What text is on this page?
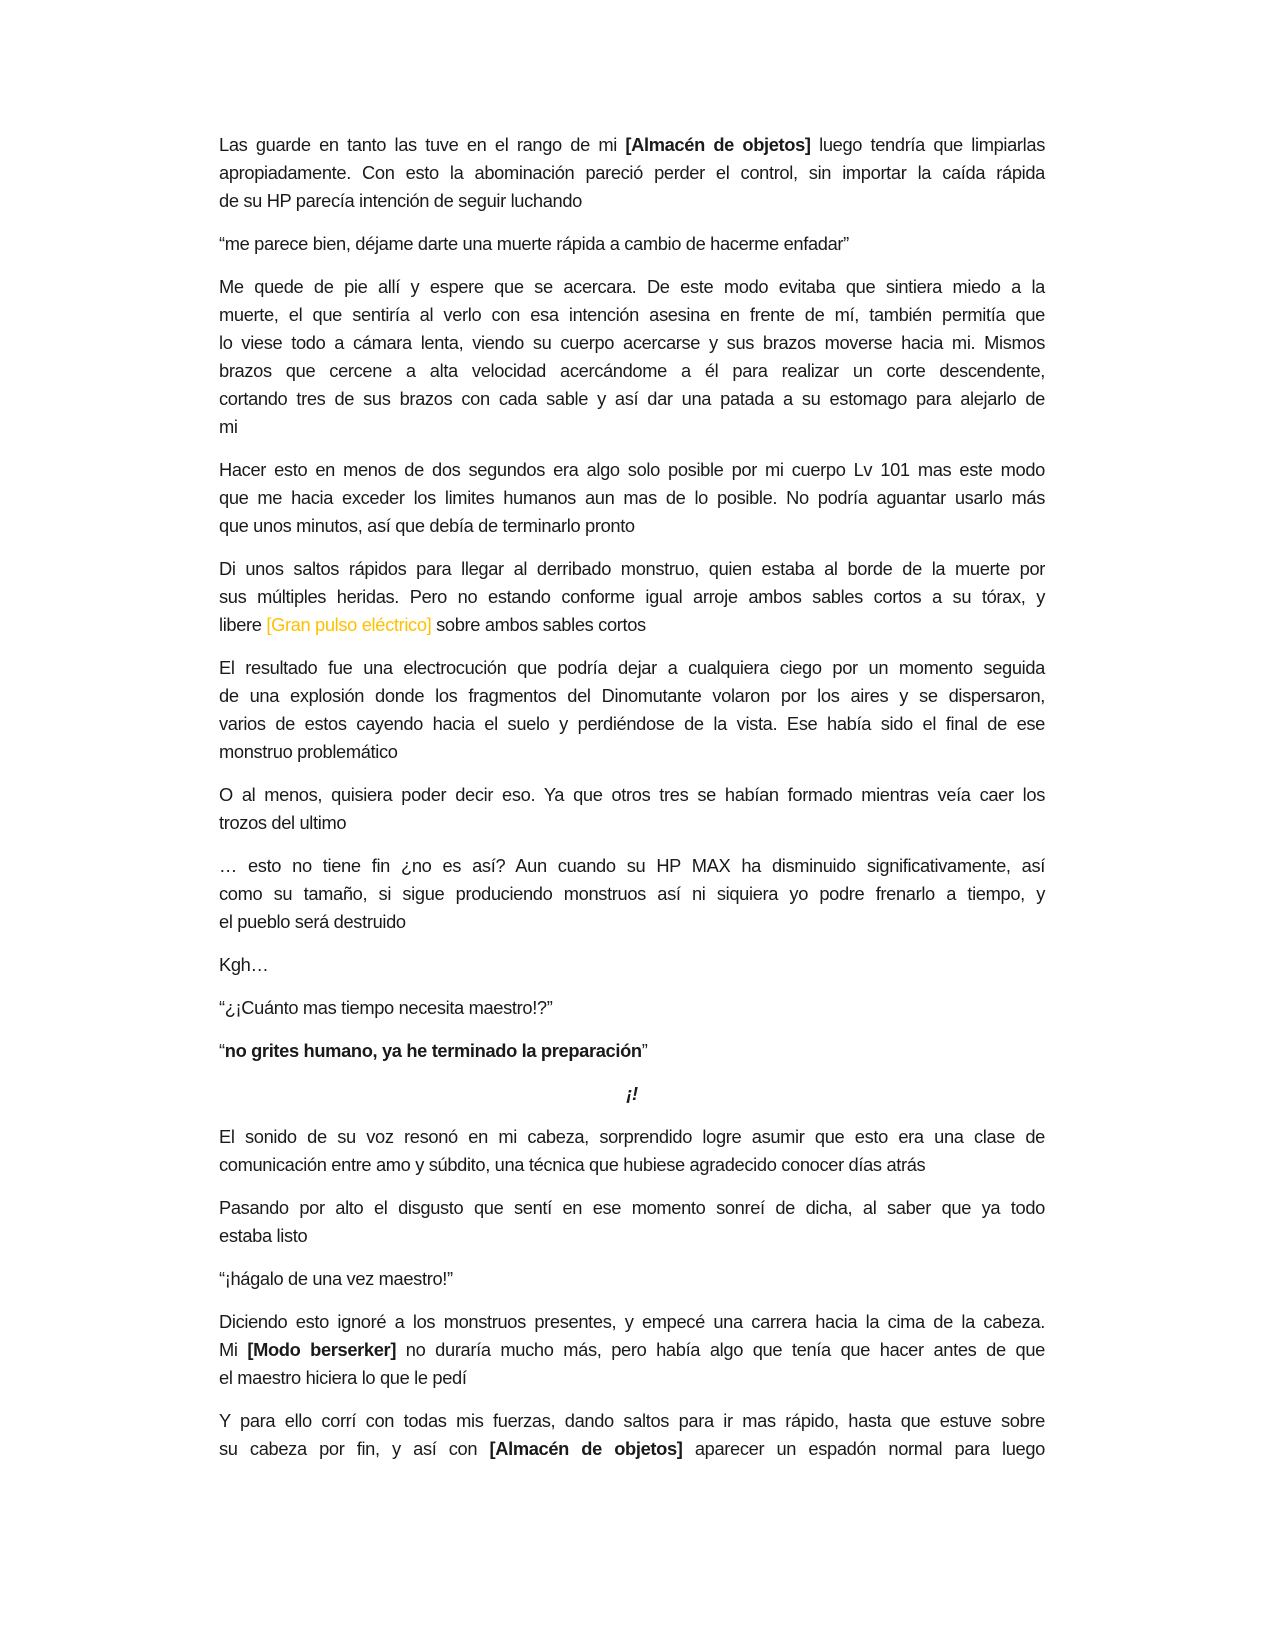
Las guarde en tanto las tuve en el rango de mi [Almacén de objetos] luego tendría que limpiarlas
apropiadamente. Con esto la abominación pareció perder el control, sin importar la caída rápida
de su HP parecía intención de seguir luchando
“me parece bien, déjame darte una muerte rápida a cambio de hacerme enfadar”
Me quede de pie allí y espere que se acercara. De este modo evitaba que sintiera miedo a la
muerte, el que sentiría al verlo con esa intención asesina en frente de mí, también permitía que
lo viese todo a cámara lenta, viendo su cuerpo acercarse y sus brazos moverse hacia mi. Mismos
brazos que cercene a alta velocidad acercándome a él para realizar un corte descendente,
cortando tres de sus brazos con cada sable y así dar una patada a su estomago para alejarlo de
mi
Hacer esto en menos de dos segundos era algo solo posible por mi cuerpo Lv 101 mas este modo
que me hacia exceder los limites humanos aun mas de lo posible. No podría aguantar usarlo más
que unos minutos, así que debía de terminarlo pronto
Di unos saltos rápidos para llegar al derribado monstruo, quien estaba al borde de la muerte por
sus múltiples heridas. Pero no estando conforme igual arroje ambos sables cortos a su tórax, y
libere [Gran pulso eléctrico] sobre ambos sables cortos
El resultado fue una electrocución que podría dejar a cualquiera ciego por un momento seguida
de una explosión donde los fragmentos del Dinomutante volaron por los aires y se dispersaron,
varios de estos cayendo hacia el suelo y perdiéndose de la vista. Ese había sido el final de ese
monstruo problemático
O al menos, quisiera poder decir eso. Ya que otros tres se habían formado mientras veía caer los
trozos del ultimo
… esto no tiene fin ¿no es así? Aun cuando su HP MAX ha disminuido significativamente, así
como su tamaño, si sigue produciendo monstruos así ni siquiera yo podre frenarlo a tiempo, y
el pueblo será destruido
Kgh…
“¿¡Cuánto mas tiempo necesita maestro!?”
“no grites humano, ya he terminado la preparación”
¡!
El sonido de su voz resonó en mi cabeza, sorprendido logre asumir que esto era una clase de
comunicación entre amo y súbdito, una técnica que hubiese agradecido conocer días atrás
Pasando por alto el disgusto que sentí en ese momento sonreí de dicha, al saber que ya todo
estaba listo
“¡hágalo de una vez maestro!”
Diciendo esto ignoré a los monstruos presentes, y empecé una carrera hacia la cima de la cabeza.
Mi [Modo berserker] no duraría mucho más, pero había algo que tenía que hacer antes de que
el maestro hiciera lo que le pedí
Y para ello corrí con todas mis fuerzas, dando saltos para ir mas rápido, hasta que estuve sobre
su cabeza por fin, y así con [Almacén de objetos] aparecer un espadón normal para luego
